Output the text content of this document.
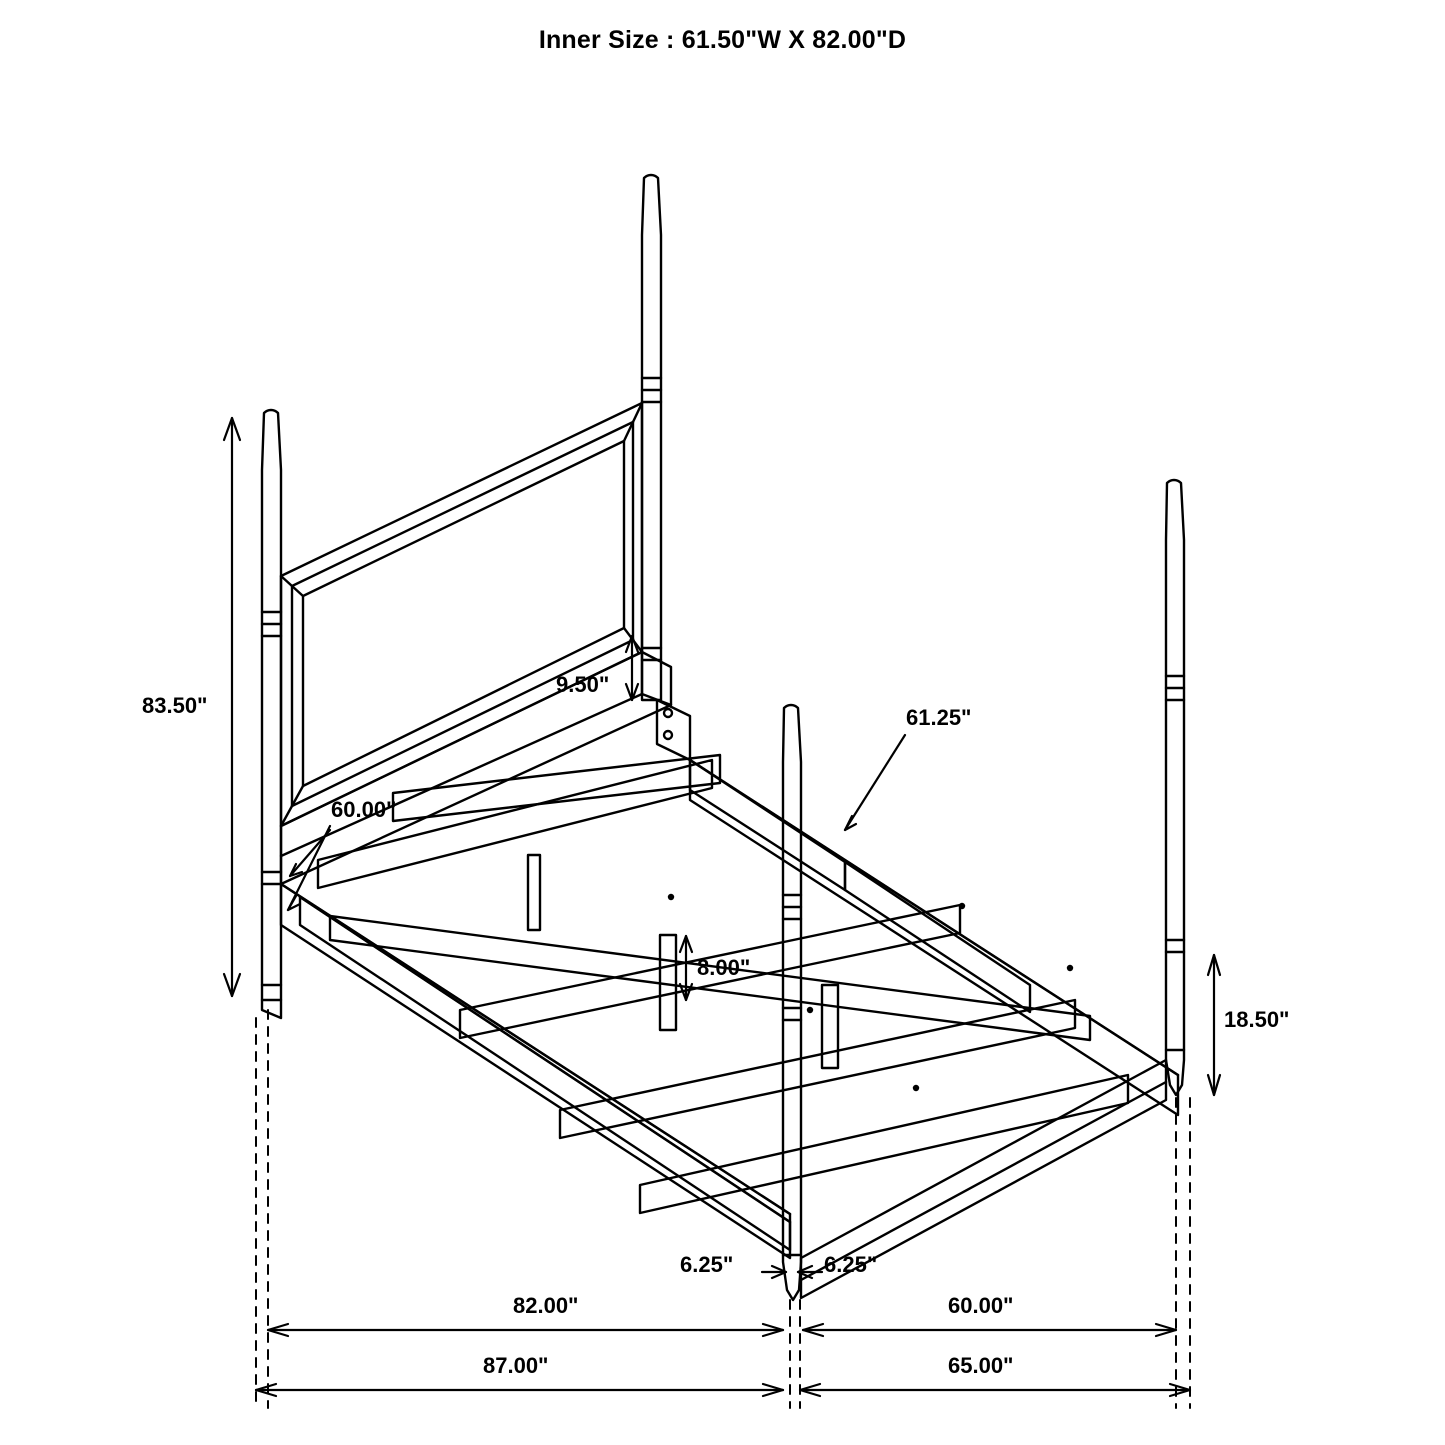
Inner Size : 61.50"W X 82.00"D
83.50"
9.50"
60.00"
61.25"
8.00"
18.50"
6.25"	6.25"
82.00"	60.00"
87.00"	65.00"
